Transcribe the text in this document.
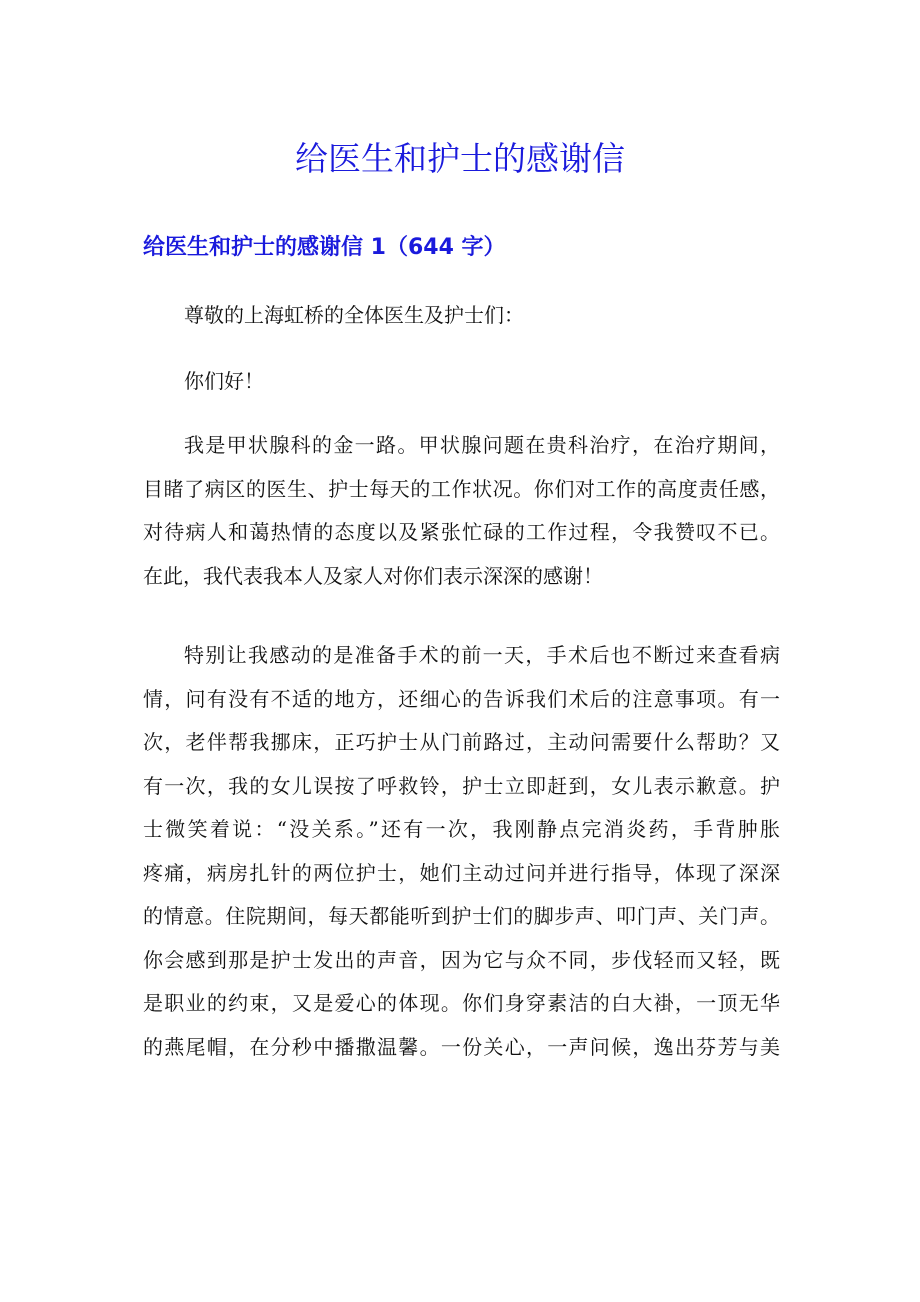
给医生和护士的感谢信
给医生和护士的感谢信 1（644 字）

尊敬的上海虹桥的全体医生及护士们：

你们好！

我是甲状腺科的金一路。甲状腺问题在贵科治疗，在治疗期间，
目睹了病区的医生、护士每天的工作状况。你们对工作的高度责任感，
对待病人和蔼热情的态度以及紧张忙碌的工作过程，令我赞叹不已。
在此，我代表我本人及家人对你们表示深深的感谢！

特别让我感动的是准备手术的前一天，手术后也不断过来查看病
情，问有没有不适的地方，还细心的告诉我们术后的注意事项。有一
次，老伴帮我挪床，正巧护士从门前路过，主动问需要什么帮助？又
有一次，我的女儿误按了呼救铃，护士立即赶到，女儿表示歉意。护
士微笑着说：“没关系。”还有一次，我刚静点完消炎药，手背肿胀
疼痛，病房扎针的两位护士，她们主动过问并进行指导，体现了深深
的情意。住院期间，每天都能听到护士们的脚步声、叩门声、关门声。
你会感到那是护士发出的声音，因为它与众不同，步伐轻而又轻，既
是职业的约束，又是爱心的体现。你们身穿素洁的白大褂，一顶无华
的燕尾帽，在分秒中播撒温馨。一份关心，一声问候，逸出芬芳与美
